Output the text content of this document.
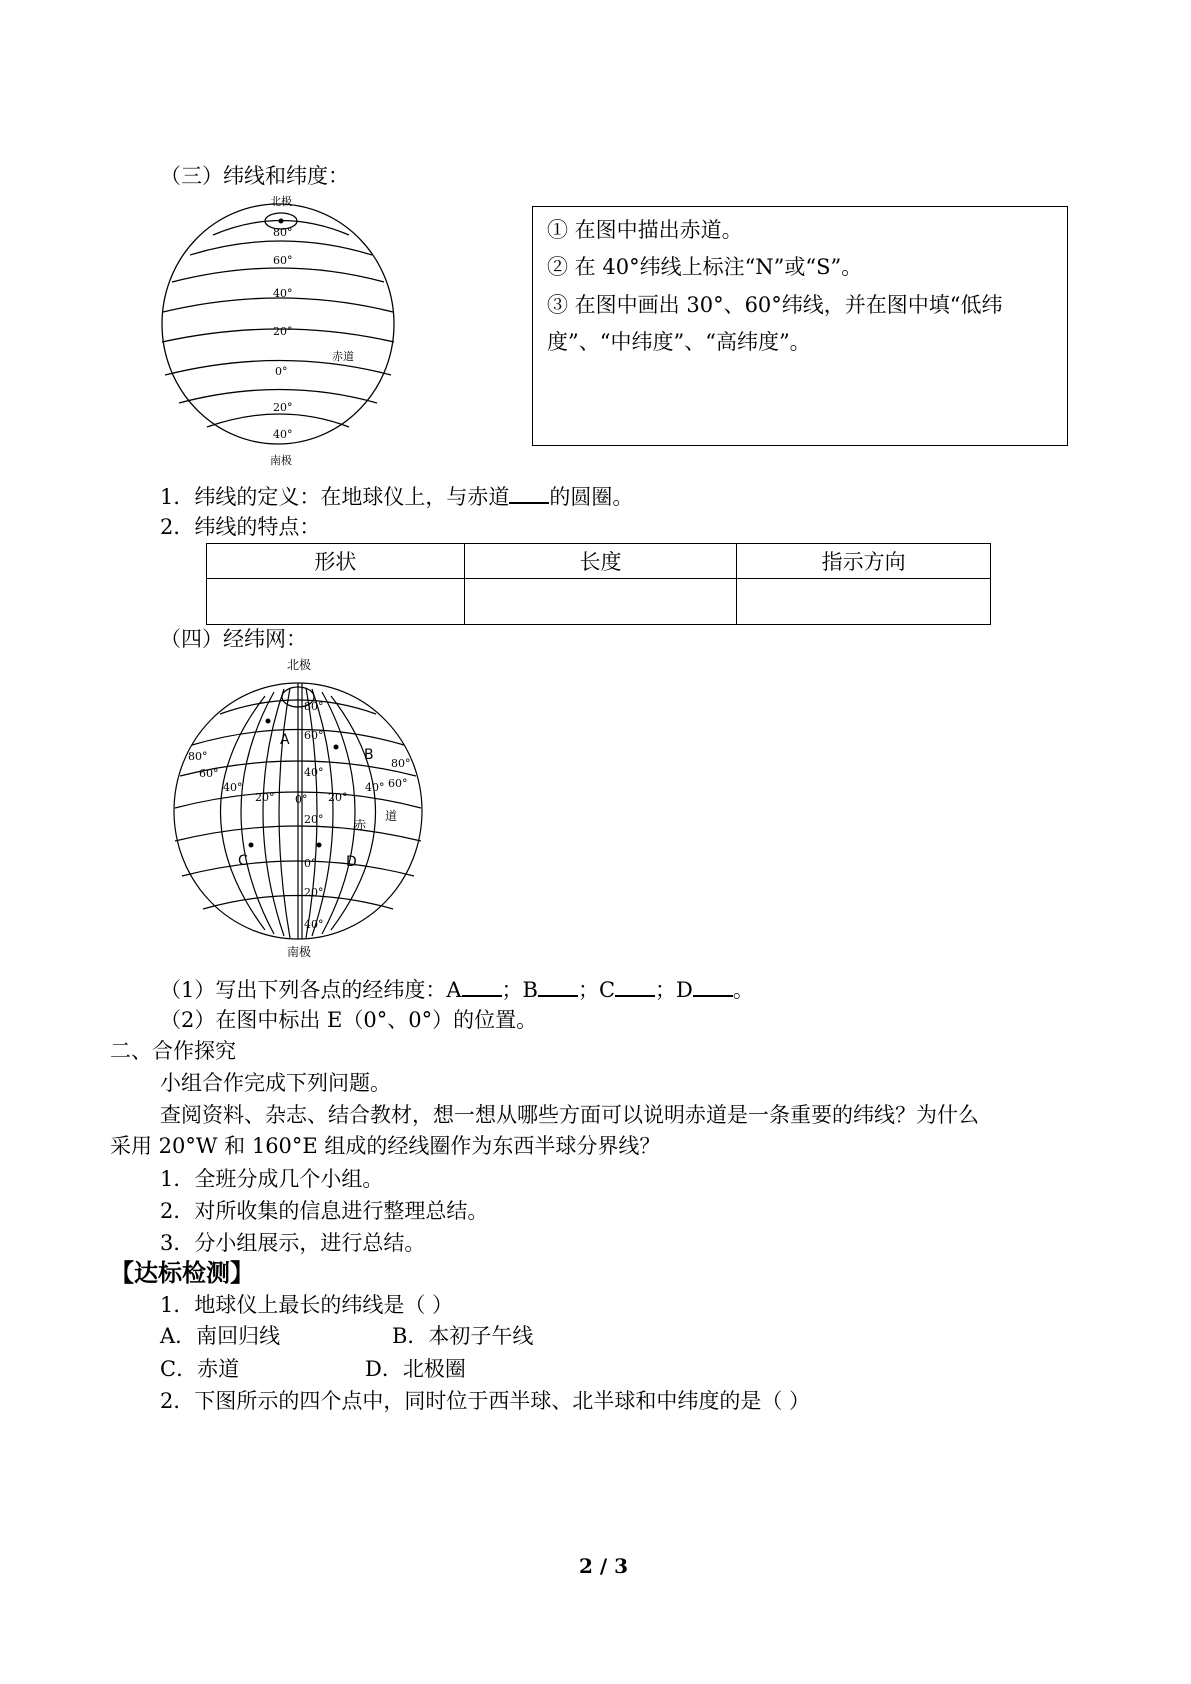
（三）纬线和纬度：
北极
南极
赤道
80°
60°
40°
20°
0°
20°
40°
① 在图中描出赤道。
② 在 40°纬线上标注“N”或“S”。
③ 在图中画出 30°、60°纬线，并在图中填“低纬
度”、“中纬度”、“高纬度”。
1．纬线的定义：在地球仪上，与赤道 的圆圈。
2．纬线的特点：
形状	长度	指示方向

（四）经纬网：
北极
南极
A
B
C	D
赤
道
80°
60°
40°
20°
0°
20°
40°
80°
60°
40°
20° 0° 20°
40° 60°
80°
（1）写出下列各点的经纬度：A ；B ；C ；D 。
（2）在图中标出 E（0°、0°）的位置。
二、合作探究
小组合作完成下列问题。
查阅资料、杂志、结合教材，想一想从哪些方面可以说明赤道是一条重要的纬线？为什么
采用 20°W 和 160°E 组成的经线圈作为东西半球分界线？
1．全班分成几个小组。
2．对所收集的信息进行整理总结。
3．分小组展示，进行总结。
【达标检测】
1．地球仪上最长的纬线是（ ）
A．南回归线	B．本初子午线
C．赤道	D．北极圈
2．下图所示的四个点中，同时位于西半球、北半球和中纬度的是（ ）
2 / 3
